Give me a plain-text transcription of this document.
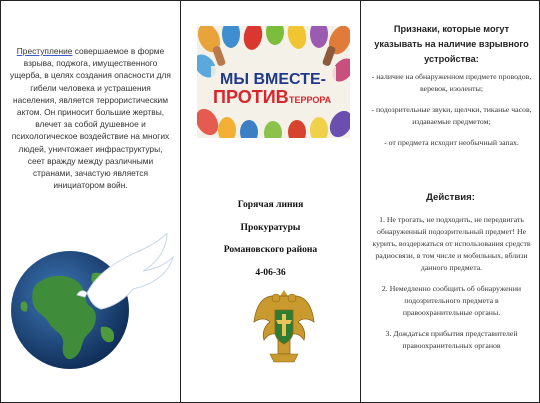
Преступление совершаемое в форме взрыва, поджога, имущественного ущерба, в целях создания опасности для гибели человека и устрашения населения, является террористическим актом. Он приносит большие жертвы, влечет за собой душевное и психологическое воздействие на многих людей, уничтожает инфраструктуры, сеет вражду между различными странами, зачастую является инициатором войн.
МЫ ВМЕСТЕ-
ПРОТИВ ТЕРРОРА
Горячая линия
Прокуратуры
Романовского района
4-06-36
Признаки, которые могут указывать на наличие взрывного устройства:

- наличие на обнаруженном предмете проводов, веревок, изоленты;

- подозрительные звуки, щелчки, тиканье часов, издаваемые предметом;

- от предмета исходит необычный запах.

Действия:

1. Не трогать, не подходить, не передвигать обнаруженный подозрительный предмет! Не курить, воздержаться от использования средств радиосвязи, в том числе и мобильных, вблизи данного предмета.

2. Немедленно сообщить об обнаружении подозрительного предмета в правоохранительные органы.

3. Дождаться прибытия представителей правоохранительных органов
